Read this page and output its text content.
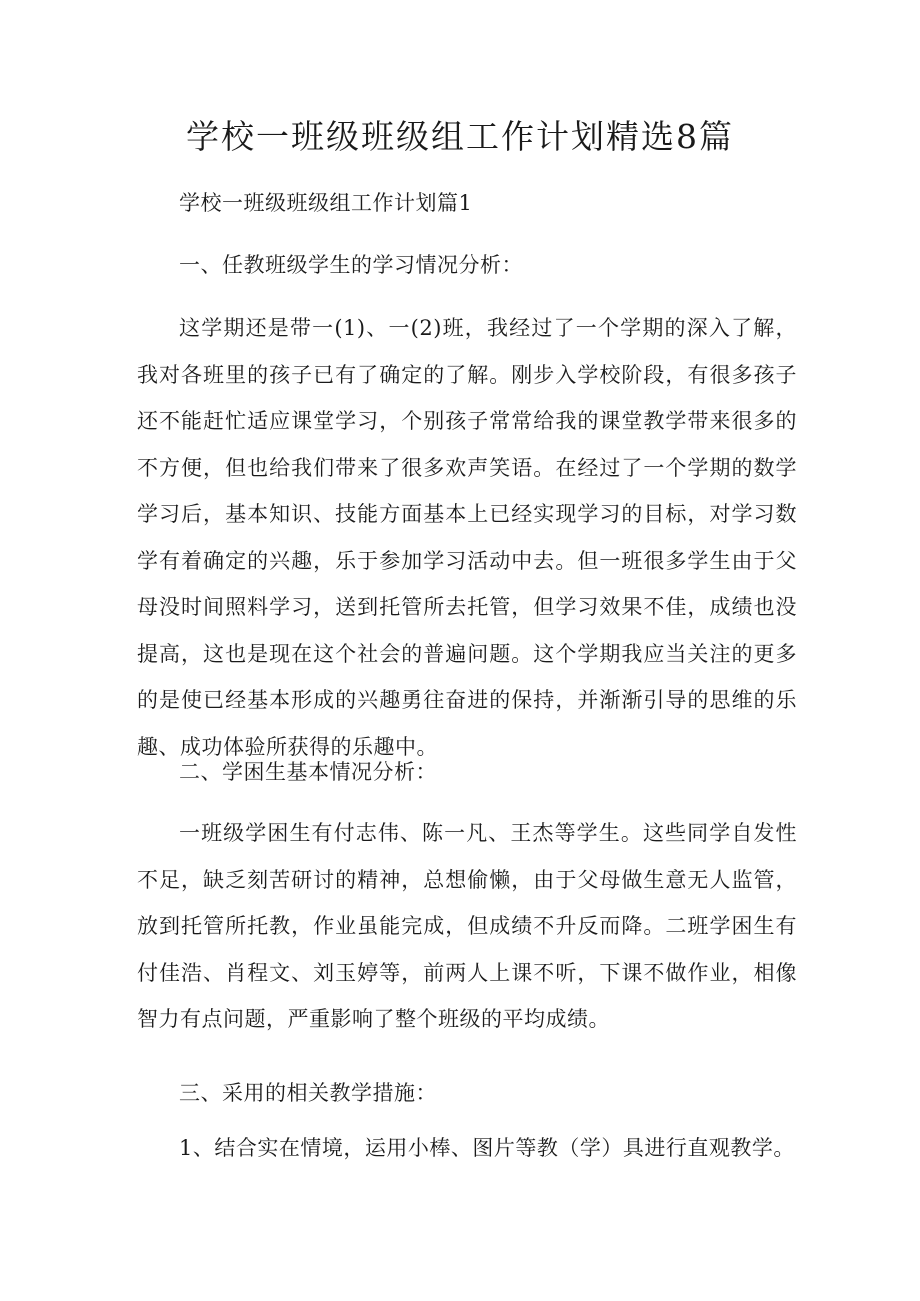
学校一班级班级组工作计划精选8篇
学校一班级班级组工作计划篇1
一、任教班级学生的学习情况分析：

这学期还是带一(1)、一(2)班，我经过了一个学期的深入了解，我对各班里的孩子已有了确定的了解。刚步入学校阶段，有很多孩子还不能赶忙适应课堂学习，个别孩子常常给我的课堂教学带来很多的不方便，但也给我们带来了很多欢声笑语。在经过了一个学期的数学学习后，基本知识、技能方面基本上已经实现学习的目标，对学习数学有着确定的兴趣，乐于参加学习活动中去。但一班很多学生由于父母没时间照料学习，送到托管所去托管，但学习效果不佳，成绩也没提高，这也是现在这个社会的普遍问题。这个学期我应当关注的更多的是使已经基本形成的兴趣勇往奋进的保持，并渐渐引导的思维的乐趣、成功体验所获得的乐趣中。

二、学困生基本情况分析：

一班级学困生有付志伟、陈一凡、王杰等学生。这些同学自发性不足，缺乏刻苦研讨的精神，总想偷懒，由于父母做生意无人监管，放到托管所托教，作业虽能完成，但成绩不升反而降。二班学困生有付佳浩、肖程文、刘玉婷等，前两人上课不听，下课不做作业，相像智力有点问题，严重影响了整个班级的平均成绩。

三、采用的相关教学措施：
1、结合实在情境，运用小棒、图片等教（学）具进行直观教学。
